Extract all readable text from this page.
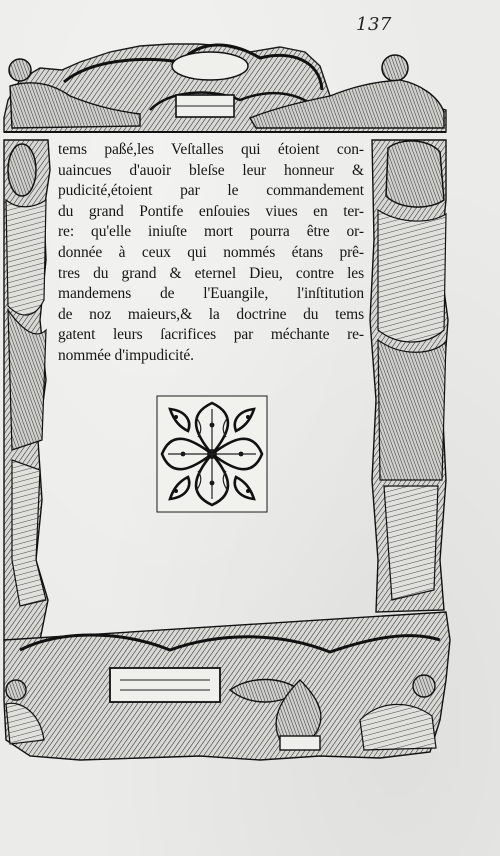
137
tems paßé,les Veſtalles qui étoient con-
uaincues d'auoir bleſse leur honneur &
pudicité,étoient par le commandement
du grand Pontife enſouies viues en ter-
re: qu'elle iniuſte mort pourra être or-
donnée à ceux qui nommés étans prê-
tres du grand & eternel Dieu, contre les
mandemens de l'Euangile, l'inſtitution
de noz maieurs,& la doctrine du tems
gatent leurs ſacrifices par méchante re-
nommée d'impudicité.
